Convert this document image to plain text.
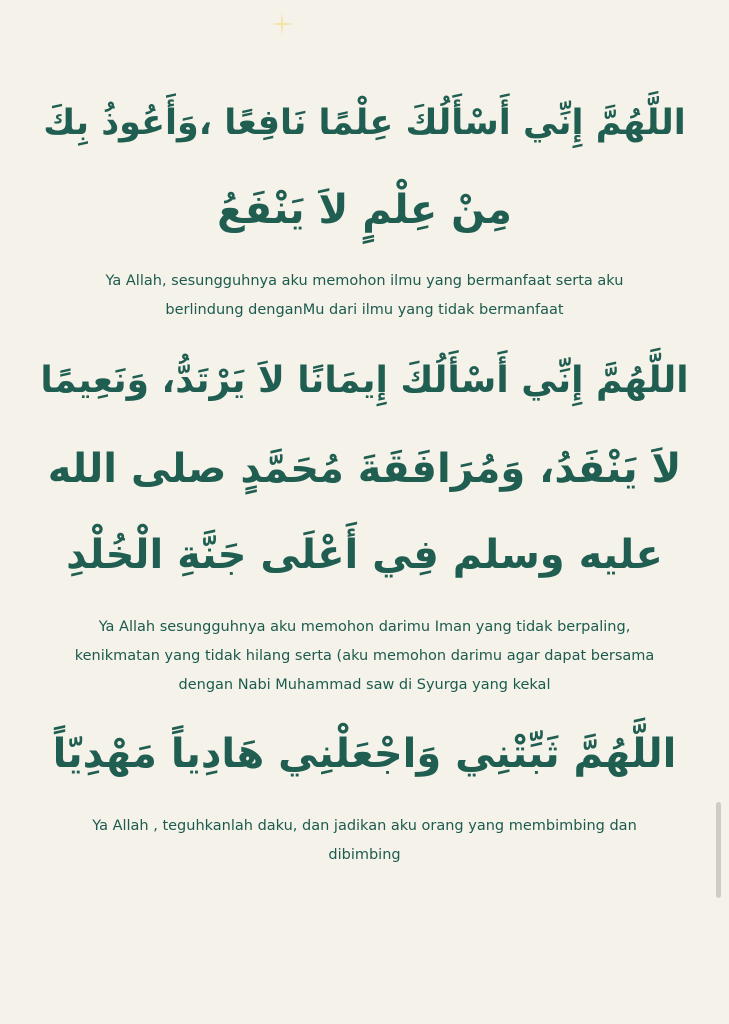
اللَّهُمَّ إِنِّي أَسْأَلُكَ عِلْمًا نَافِعًا ،وَأَعُوذُ بِكَ

مِنْ عِلْمٍ لاَ يَنْفَعُ

Ya Allah, sesungguhnya aku memohon ilmu yang bermanfaat serta aku

berlindung denganMu dari ilmu yang tidak bermanfaat

اللَّهُمَّ إِنِّي أَسْأَلُكَ إِيمَانًا لاَ يَرْتَدُّ، وَنَعِيمًا

لاَ يَنْفَدُ، وَمُرَافَقَةَ مُحَمَّدٍ صلى الله

عليه وسلم فِي أَعْلَى جَنَّةِ الْخُلْدِ

Ya Allah sesungguhnya aku memohon darimu Iman yang tidak berpaling,

kenikmatan yang tidak hilang serta (aku memohon darimu agar dapat bersama

dengan Nabi Muhammad saw di Syurga yang kekal

اللَّهُمَّ ثَبِّتْنِي وَاجْعَلْنِي هَادِياً مَهْدِيّاً

Ya Allah , teguhkanlah daku, dan jadikan aku orang yang membimbing dan

dibimbing
